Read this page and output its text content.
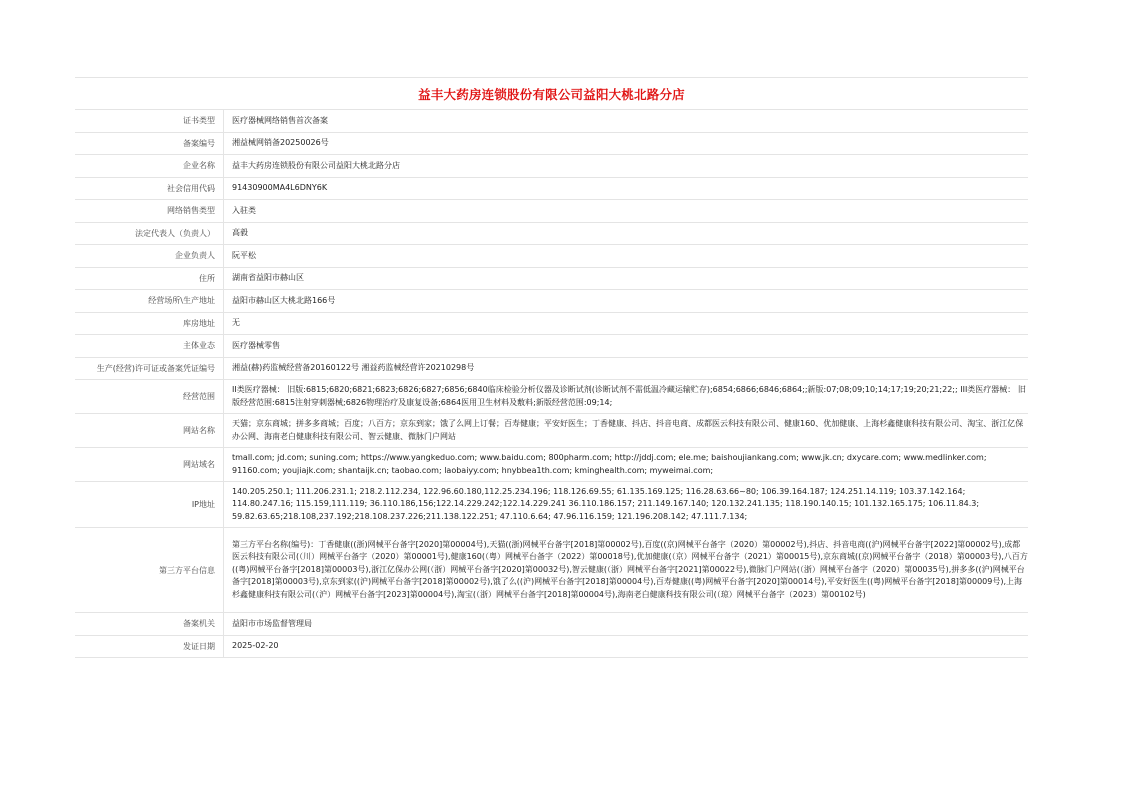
益丰大药房连锁股份有限公司益阳大桃北路分店
证书类型	医疗器械网络销售首次备案
备案编号	湘益械网销备20250026号
企业名称	益丰大药房连锁股份有限公司益阳大桃北路分店
社会信用代码	91430900MA4L6DNY6K
网络销售类型	入驻类
法定代表人（负责人）	高毅
企业负责人	阮平松
住所	湖南省益阳市赫山区
经营场所\生产地址	益阳市赫山区大桃北路166号
库房地址	无
主体业态	医疗器械零售
生产(经营)许可证或备案凭证编号	湘益(赫)药监械经营备20160122号 湘益药监械经营许20210298号
经营范围	II类医疗器械： 旧版:6815;6820;6821;6823;6826;6827;6856;6840临床检验分析仪器及诊断试剂(诊断试剂不需低温冷藏运输贮存);6854;6866;6846;6864;;新版:07;08;09;10;14;17;19;20;21;22;; III类医疗器械： 旧版经营范围:6815注射穿刺器械;6826物理治疗及康复设备;6864医用卫生材料及敷料;新版经营范围:09;14;
网站名称	天猫；京东商城；拼多多商城；百度；八百方；京东到家；饿了么网上订餐；百寿健康；平安好医生；丁香健康、抖店、抖音电商、成都医云科技有限公司、健康160、优加健康、上海杉鑫健康科技有限公司、淘宝、浙江亿保办公网、海南老白健康科技有限公司、智云健康、微脉门户网站
网站域名	tmall.com; jd.com; suning.com; https://www.yangkeduo.com; www.baidu.com; 800pharm.com; http://jddj.com; ele.me; baishoujiankang.com; www.jk.cn; dxycare.com; www.medlinker.com; 91160.com; youjiajk.com; shantaijk.cn; taobao.com; laobaiyy.com; hnybbea1th.com; kminghealth.com; myweimai.com;
IP地址	140.205.250.1; 111.206.231.1; 218.2.112.234, 122.96.60.180,112.25.234.196; 118.126.69.55; 61.135.169.125; 116.28.63.66~80; 106.39.164.187; 124.251.14.119; 103.37.142.164; 114.80.247.16; 115.159,111.119; 36.110.186,156;122.14.229.242;122.14.229.241 36.110.186.157; 211.149.167.140; 120.132.241.135; 118.190.140.15; 101.132.165.175; 106.11.84.3; 59.82.63.65;218.108,237.192;218.108.237.226;211.138.122.251; 47.110.6.64; 47.96.116.159; 121.196.208.142; 47.111.7.134;
第三方平台信息	第三方平台名称(编号)：丁香健康((浙)网械平台备字[2020]第00004号),天猫((浙)网械平台备字[2018]第00002号),百度((京)网械平台备字（2020）第00002号),抖店、抖音电商((沪)网械平台备字[2022]第00002号),成都医云科技有限公司(（川）网械平台备字（2020）第00001号),健康160(（粤）网械平台备字（2022）第00018号),优加健康(（京）网械平台备字（2021）第00015号),京东商城((京)网械平台备字（2018）第00003号),八百方((粤)网械平台备字[2018]第00003号),浙江亿保办公网(（浙）网械平台备字[2020]第00032号),智云健康(（浙）网械平台备字[2021]第00022号),微脉门户网站(（浙）网械平台备字（2020）第00035号),拼多多((沪)网械平台备字[2018]第00003号),京东到家((沪)网械平台备字[2018]第00002号),饿了么((沪)网械平台备字[2018]第00004号),百寿健康((粤)网械平台备字[2020]第00014号),平安好医生((粤)网械平台备字[2018]第00009号),上海杉鑫健康科技有限公司(（沪）网械平台备字[2023]第00004号),淘宝(（浙）网械平台备字[2018]第00004号),海南老白健康科技有限公司(（琼）网械平台备字（2023）第00102号)
备案机关	益阳市市场监督管理局
发证日期	2025-02-20
